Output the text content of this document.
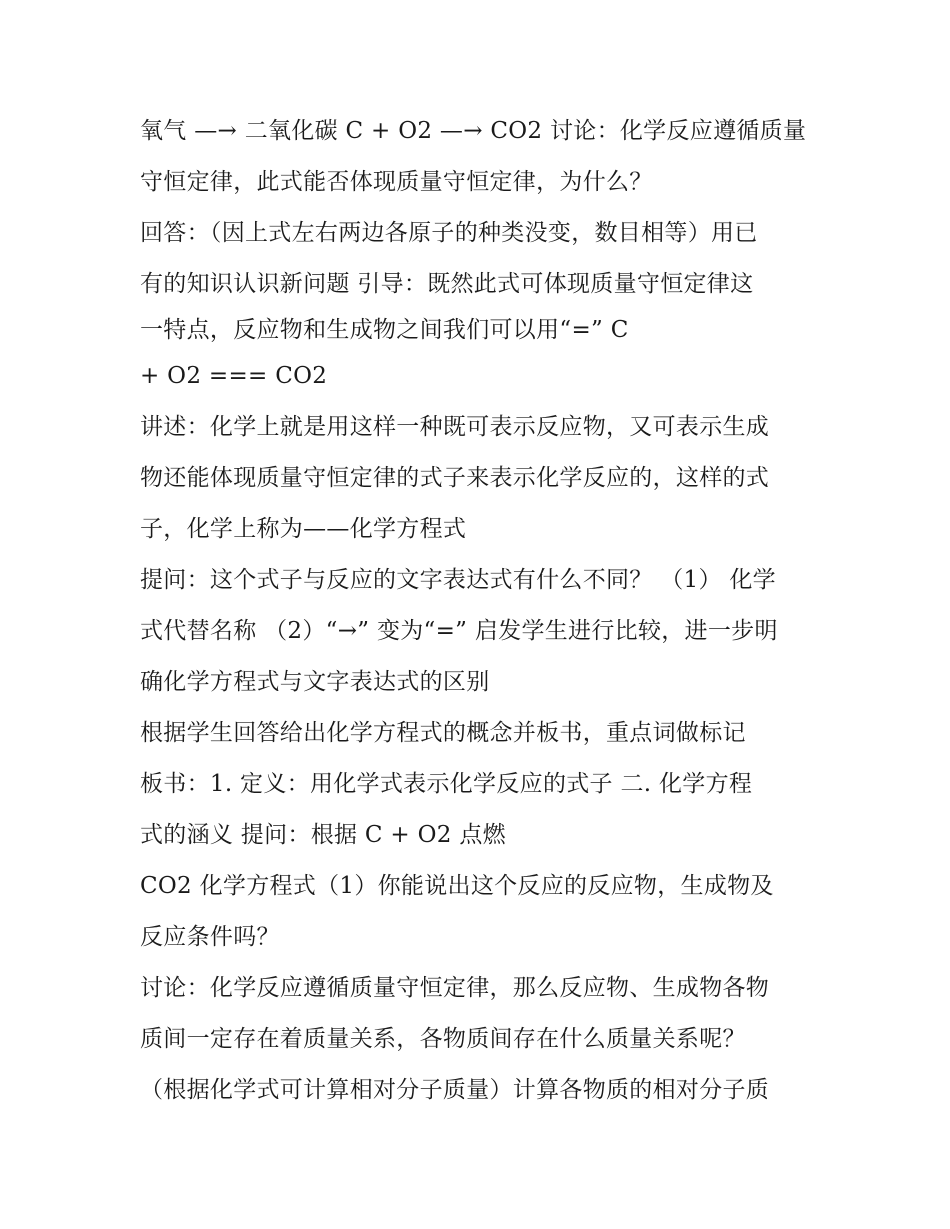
氧气 —→ 二氧化碳 C + O2 —→ CO2 讨论：化学反应遵循质量
守恒定律，此式能否体现质量守恒定律，为什么？
回答：（因上式左右两边各原子的种类没变，数目相等）用已
有的知识认识新问题 引导：既然此式可体现质量守恒定律这
一特点，反应物和生成物之间我们可以用“=” C
+ O2 === CO2
讲述：化学上就是用这样一种既可表示反应物，又可表示生成
物还能体现质量守恒定律的式子来表示化学反应的，这样的式
子，化学上称为——化学方程式
提问：这个式子与反应的文字表达式有什么不同？ （1） 化学
式代替名称 （2）“→” 变为“=” 启发学生进行比较，进一步明
确化学方程式与文字表达式的区别
根据学生回答给出化学方程式的概念并板书，重点词做标记
板书：1. 定义：用化学式表示化学反应的式子 二. 化学方程
式的涵义 提问：根据 C + O2 点燃
CO2 化学方程式（1）你能说出这个反应的反应物，生成物及
反应条件吗？
讨论：化学反应遵循质量守恒定律，那么反应物、生成物各物
质间一定存在着质量关系，各物质间存在什么质量关系呢？
（根据化学式可计算相对分子质量）计算各物质的相对分子质
